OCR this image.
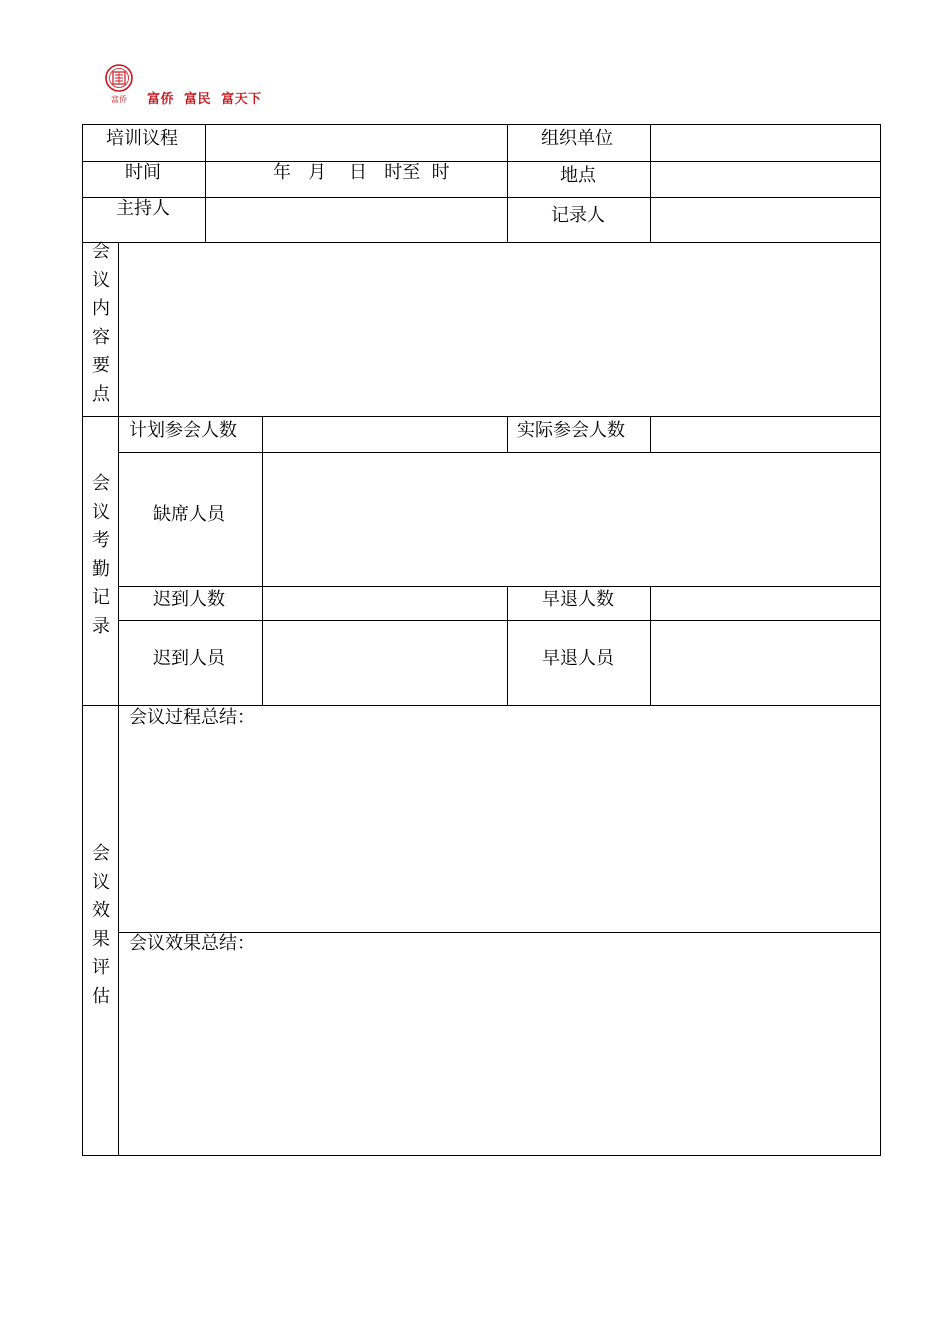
富侨 富侨  富民  富天下
培训议程	组织单位
时间	年   月    日   时至  时	地点
主持人	记录人
会议内容要点
会议考勤记录
计划参会人数	实际参会人数
缺席人员
迟到人数	早退人数
迟到人员	早退人员
会议效果评估
会议过程总结：
会议效果总结：
